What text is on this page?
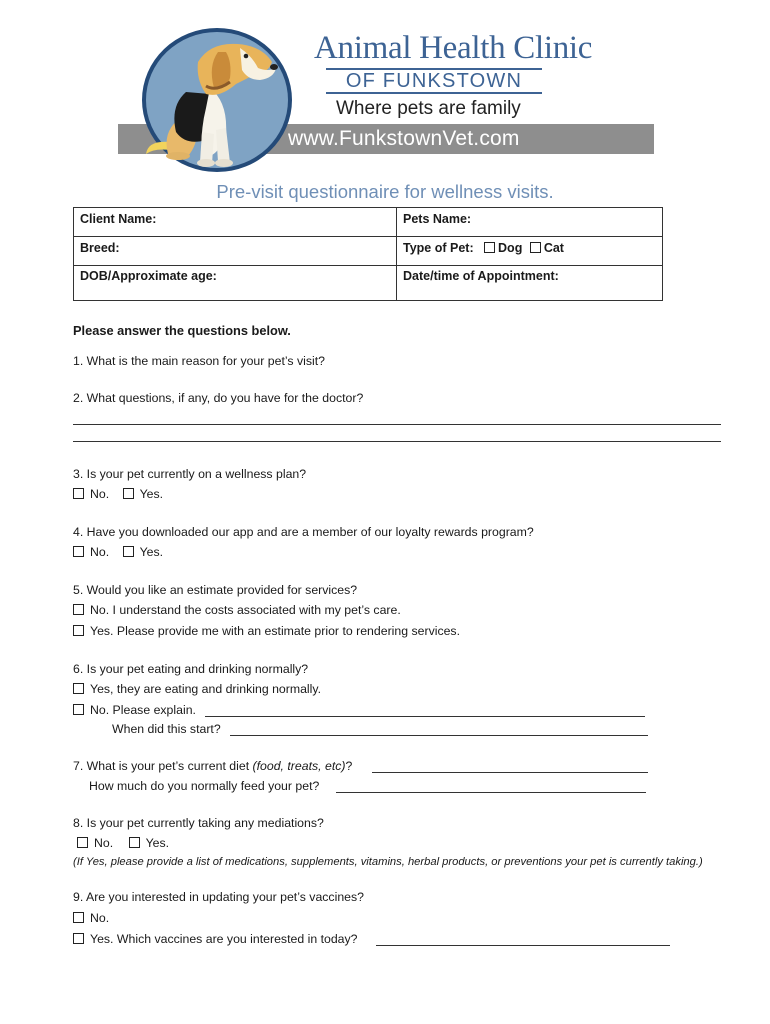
www.FunkstownVet.com
Animal Health Clinic
OF FUNKSTOWN
Where pets are family
Pre-visit questionnaire for wellness visits.
Client Name:	Pets Name:
Breed:	Type of Pet: Dog Cat
DOB/Approximate age:	Date/time of Appointment:
Please answer the questions below.
1. What is the main reason for your pet’s visit?
2. What questions, if any, do you have for the doctor?
3. Is your pet currently on a wellness plan?
No. Yes.
4. Have you downloaded our app and are a member of our loyalty rewards program?
No. Yes.
5. Would you like an estimate provided for services?
No. I understand the costs associated with my pet’s care.
Yes. Please provide me with an estimate prior to rendering services.
6. Is your pet eating and drinking normally?
Yes, they are eating and drinking normally.
No. Please explain.
When did this start?
7. What is your pet’s current diet (food, treats, etc)?
How much do you normally feed your pet?
8. Is your pet currently taking any mediations?
No.	Yes.
(If Yes, please provide a list of medications, supplements, vitamins, herbal products, or preventions your pet is currently taking.)
9. Are you interested in updating your pet’s vaccines?
No.
Yes. Which vaccines are you interested in today?
